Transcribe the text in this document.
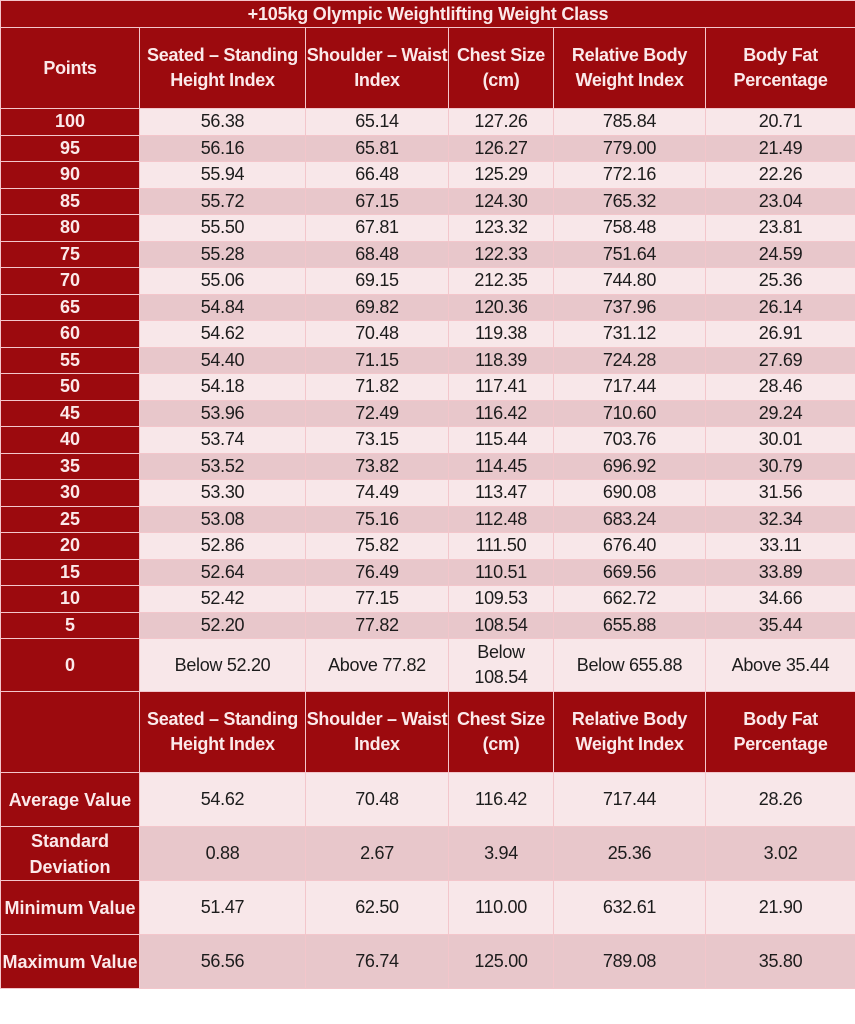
+105kg Olympic Weightlifting Weight Class					
Points	Seated – Standing Height Index	Shoulder – Waist Index	Chest Size (cm)	Relative Body Weight Index	Body Fat Percentage
100	56.38	65.14	127.26	785.84	20.71
95	56.16	65.81	126.27	779.00	21.49
90	55.94	66.48	125.29	772.16	22.26
85	55.72	67.15	124.30	765.32	23.04
80	55.50	67.81	123.32	758.48	23.81
75	55.28	68.48	122.33	751.64	24.59
70	55.06	69.15	212.35	744.80	25.36
65	54.84	69.82	120.36	737.96	26.14
60	54.62	70.48	119.38	731.12	26.91
55	54.40	71.15	118.39	724.28	27.69
50	54.18	71.82	117.41	717.44	28.46
45	53.96	72.49	116.42	710.60	29.24
40	53.74	73.15	115.44	703.76	30.01
35	53.52	73.82	114.45	696.92	30.79
30	53.30	74.49	113.47	690.08	31.56
25	53.08	75.16	112.48	683.24	32.34
20	52.86	75.82	111.50	676.40	33.11
15	52.64	76.49	110.51	669.56	33.89
10	52.42	77.15	109.53	662.72	34.66
5	52.20	77.82	108.54	655.88	35.44
0	Below 52.20	Above 77.82	Below 108.54	Below 655.88	Above 35.44
	Seated – Standing Height Index	Shoulder – Waist Index	Chest Size (cm)	Relative Body Weight Index	Body Fat Percentage
Average Value	54.62	70.48	116.42	717.44	28.26
Standard Deviation	0.88	2.67	3.94	25.36	3.02
Minimum Value	51.47	62.50	110.00	632.61	21.90
Maximum Value	56.56	76.74	125.00	789.08	35.80
